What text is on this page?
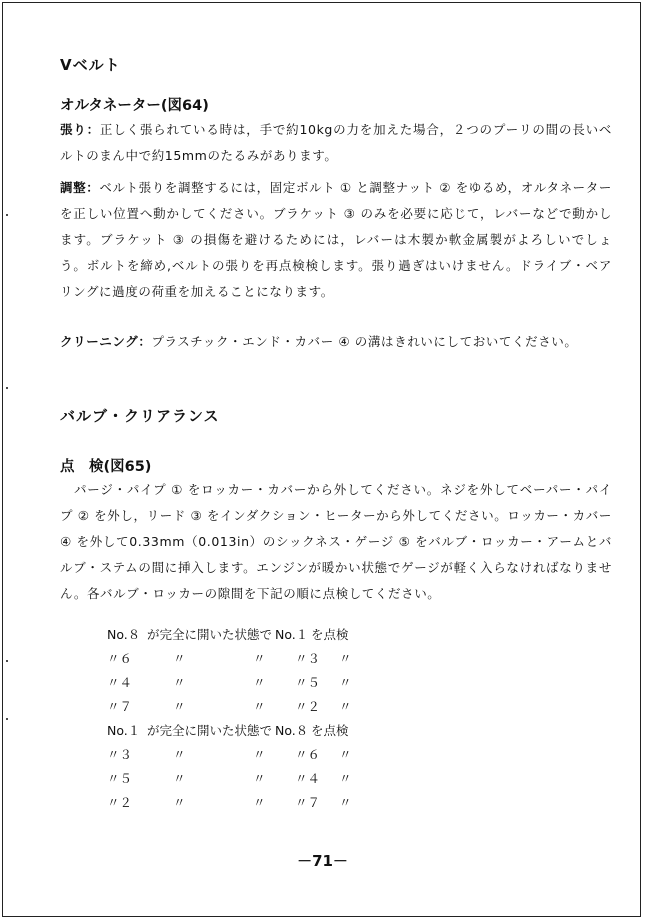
Vベルト
オルタネーター(図64)
張り：正しく張られている時は，手で約10kgの力を加えた場合，２つのプーリの間の長いベルトのまん中で約15mmのたるみがあります。
調整：ベルト張りを調整するには，固定ボルト ① と調整ナット ② をゆるめ，オルタネーターを正しい位置へ動かしてください。ブラケット ③ のみを必要に応じて，レバーなどで動かします。ブラケット ③ の損傷を避けるためには，レバーは木製か軟金属製がよろしいでしょう。ボルトを締め,ベルトの張りを再点検検します。張り過ぎはいけません。ドライブ・ベアリングに過度の荷重を加えることになります。
クリーニング：プラスチック・エンド・カバー ④ の溝はきれいにしておいてください。
バルブ・クリアランス
点　検(図65)
パージ・パイプ ① をロッカー・カバーから外してください。ネジを外してベーパー・パイプ ② を外し，リード ③ をインダクション・ヒーターから外してください。ロッカー・カバー ④ を外して0.33mm（0.013in）のシックネス・ゲージ ⑤ をバルブ・ロッカー・アームとバルブ・ステムの間に挿入します。エンジンが暖かい状態でゲージが軽く入らなければなりません。各バルブ・ロッカーの隙間を下記の順に点検してください。
No.８ が完全に開いた状態で No.１ を点検
〃６	〃	〃 〃３ 〃
〃４	〃	〃 〃５ 〃
〃７	〃	〃 〃２ 〃
No.１ が完全に開いた状態で No.８ を点検
〃３	〃	〃 〃６ 〃
〃５	〃	〃 〃４ 〃
〃２	〃	〃 〃７ 〃
－71－
